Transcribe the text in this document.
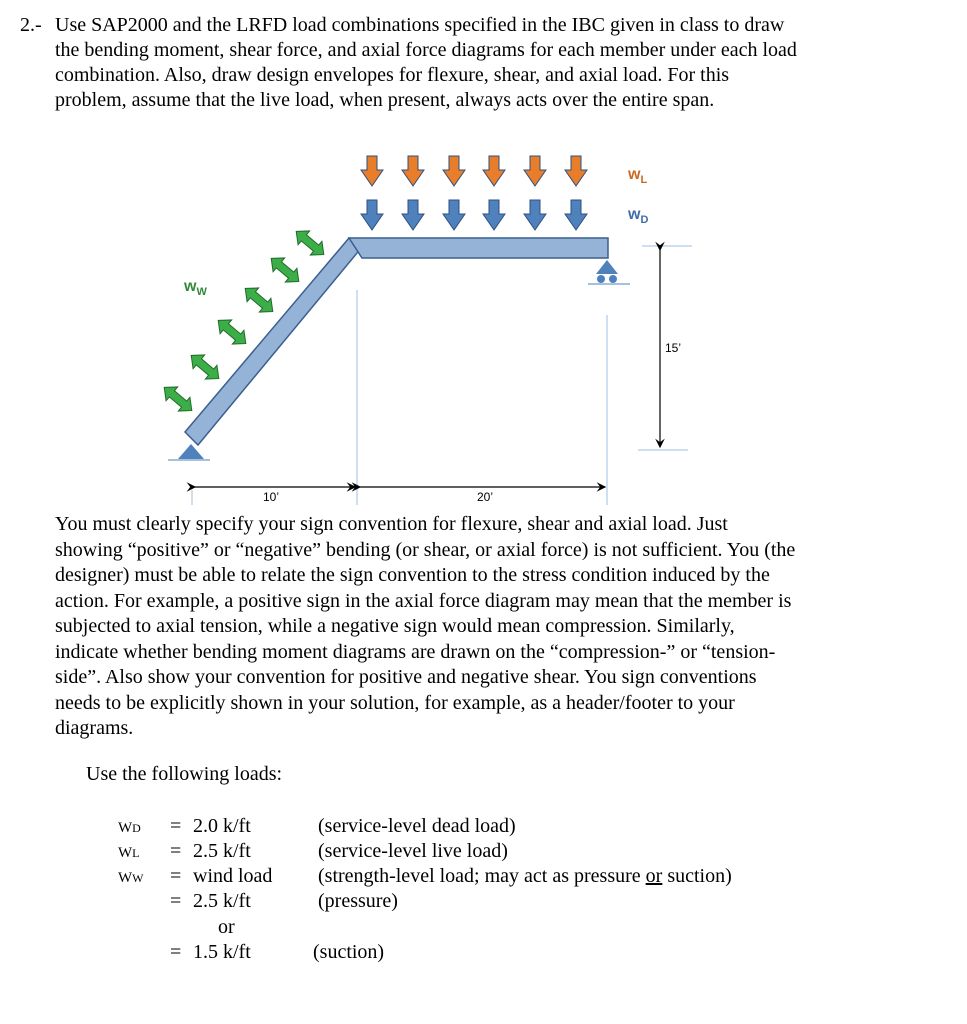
2.- Use SAP2000 and the LRFD load combinations specified in the IBC given in class to draw
the bending moment, shear force, and axial force diagrams for each member under each load
combination. Also, draw design envelopes for flexure, shear, and axial load. For this
problem, assume that the live load, when present, always acts over the entire span.
$w_L$
$w_D$
$w_W$
15’
10’	20’
You must clearly specify your sign convention for flexure, shear and axial load. Just
showing “positive” or “negative” bending (or shear, or axial force) is not sufficient. You (the
designer) must be able to relate the sign convention to the stress condition induced by the
action. For example, a positive sign in the axial force diagram may mean that the member is
subjected to axial tension, while a negative sign would mean compression. Similarly,
indicate whether bending moment diagrams are drawn on the “compression-” or “tension-
side”. Also show your convention for positive and negative shear. You sign conventions
needs to be explicitly shown in your solution, for example, as a header/footer to your
diagrams.
Use the following loads:
WD = 2.0 k/ft	(service-level dead load)
WL = 2.5 k/ft	(service-level live load)
WW = wind load (strength-level load; may act as pressure or suction)
= 2.5 k/ft	(pressure)
or
= 1.5 k/ft	(suction)
